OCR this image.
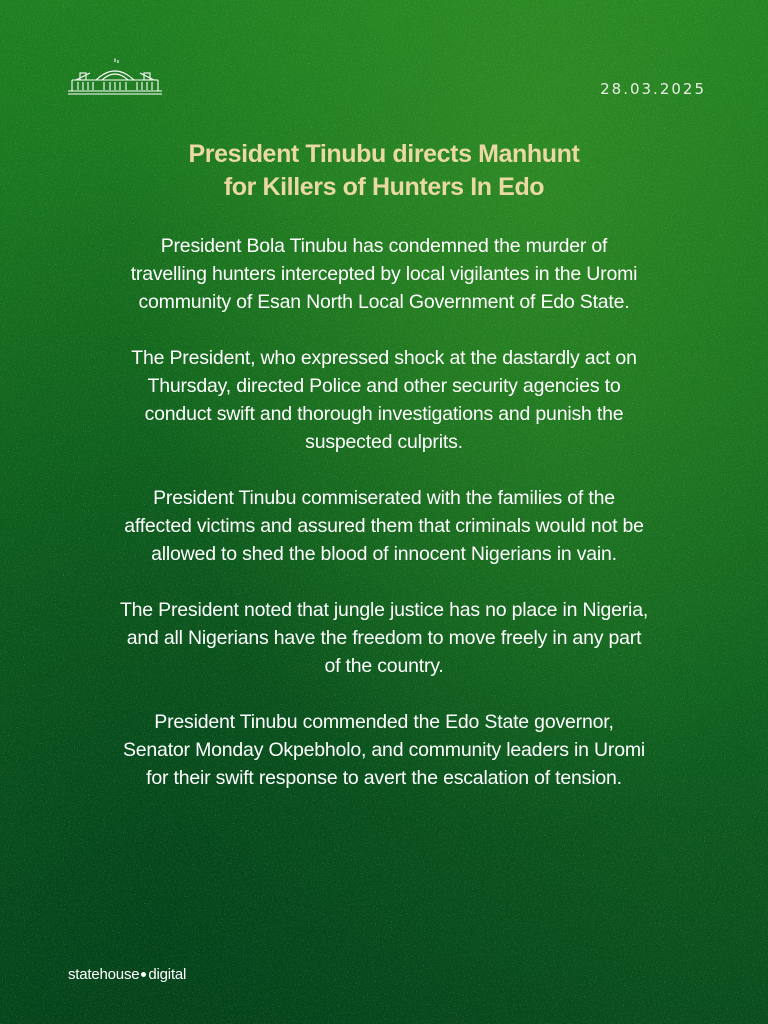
28.03.2025
President Tinubu directs Manhunt
for Killers of Hunters In Edo

President Bola Tinubu has condemned the murder of
travelling hunters intercepted by local vigilantes in the Uromi
community of Esan North Local Government of Edo State.

The President, who expressed shock at the dastardly act on
Thursday, directed Police and other security agencies to
conduct swift and thorough investigations and punish the
suspected culprits.

President Tinubu commiserated with the families of the
affected victims and assured them that criminals would not be
allowed to shed the blood of innocent Nigerians in vain.

The President noted that jungle justice has no place in Nigeria,
and all Nigerians have the freedom to move freely in any part
of the country.

President Tinubu commended the Edo State governor,
Senator Monday Okpebholo, and community leaders in Uromi
for their swift response to avert the escalation of tension.

statehouse digital
